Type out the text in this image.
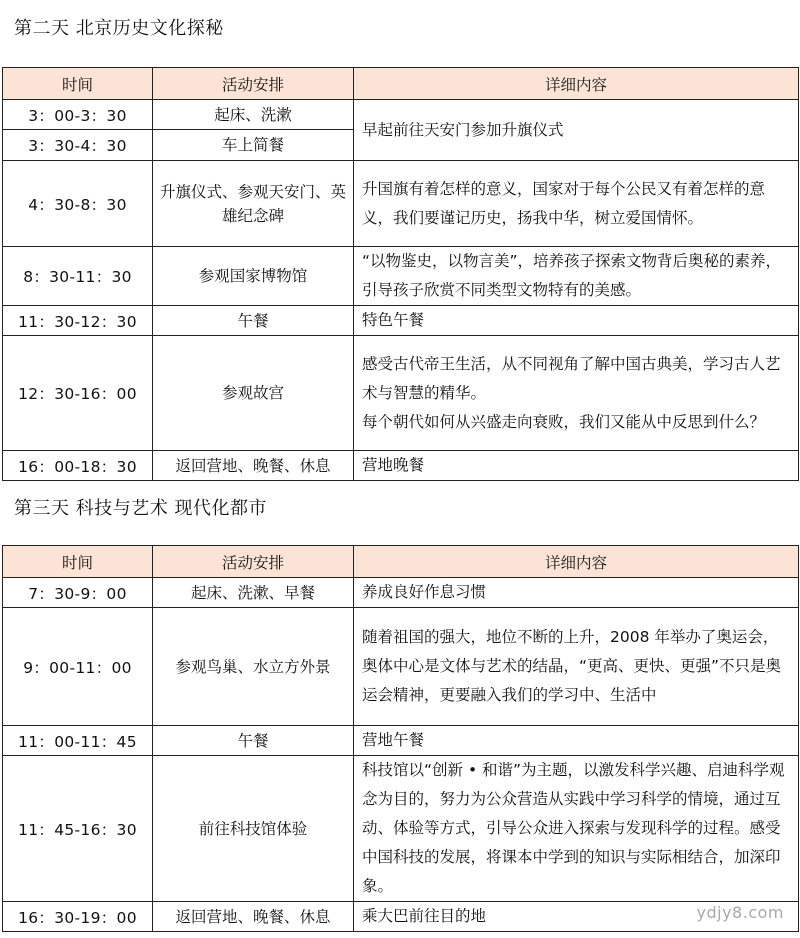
第二天 北京历史文化探秘
时间	活动安排	详细内容
3：00-3：30	起床、洗漱	早起前往天安门参加升旗仪式
3：30-4：30	车上简餐	
4：30-8：30	升旗仪式、参观天安门、英雄纪念碑	升国旗有着怎样的意义，国家对于每个公民又有着怎样的意义，我们要谨记历史，扬我中华，树立爱国情怀。
8：30-11：30	参观国家博物馆	“以物鉴史，以物言美”，培养孩子探索文物背后奥秘的素养，引导孩子欣赏不同类型文物特有的美感。
11：30-12：30	午餐	特色午餐
12：30-16：00	参观故宫	感受古代帝王生活，从不同视角了解中国古典美，学习古人艺术与智慧的精华。
每个朝代如何从兴盛走向衰败，我们又能从中反思到什么？

16：00-18：30	返回营地、晚餐、休息	营地晚餐
第三天 科技与艺术 现代化都市
时间	活动安排	详细内容
7：30-9：00	起床、洗漱、早餐	养成良好作息习惯
9：00-11：00	参观鸟巢、水立方外景	随着祖国的强大，地位不断的上升，2008 年举办了奥运会，奥体中心是文体与艺术的结晶，“更高、更快、更强”不只是奥运会精神，更要融入我们的学习中、生活中
11：00-11：45	午餐	营地午餐
11：45-16：30	前往科技馆体验	科技馆以“创新 • 和谐”为主题，以激发科学兴趣、启迪科学观念为目的，努力为公众营造从实践中学习科学的情境，通过互动、体验等方式，引导公众进入探索与发现科学的过程。感受中国科技的发展，将课本中学到的知识与实际相结合，加深印象。
16：30-19：00	返回营地、晚餐、休息	乘大巴前往目的地	ydjy8.com
